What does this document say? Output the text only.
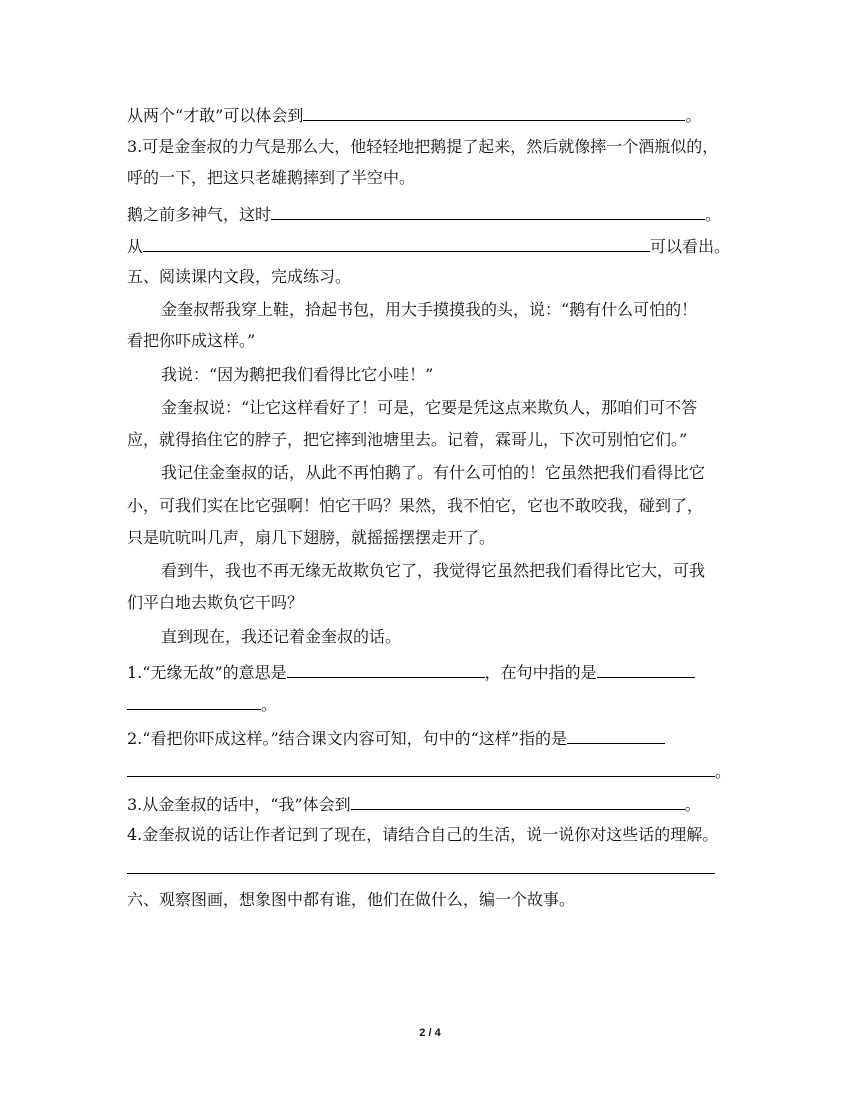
从两个“才敢”可以体会到	。
3.可是金奎叔的力气是那么大，他轻轻地把鹅提了起来，然后就像摔一个酒瓶似的，
呼的一下，把这只老雄鹅摔到了半空中。
鹅之前多神气，这时	。
从	可以看出。
五、阅读课内文段，完成练习。
金奎叔帮我穿上鞋，拾起书包，用大手摸摸我的头，说：“鹅有什么可怕的！
看把你吓成这样。”
我说：“因为鹅把我们看得比它小哇！”
金奎叔说：“让它这样看好了！可是，它要是凭这点来欺负人，那咱们可不答
应，就得掐住它的脖子，把它摔到池塘里去。记着，霖哥儿，下次可别怕它们。”
我记住金奎叔的话，从此不再怕鹅了。有什么可怕的！它虽然把我们看得比它
小，可我们实在比它强啊！怕它干吗？果然，我不怕它，它也不敢咬我，碰到了，
只是吭吭叫几声，扇几下翅膀，就摇摇摆摆走开了。
看到牛，我也不再无缘无故欺负它了，我觉得它虽然把我们看得比它大，可我
们平白地去欺负它干吗？
直到现在，我还记着金奎叔的话。
1.“无缘无故”的意思是	，在句中指的是
。
2.“看把你吓成这样。”结合课文内容可知，句中的“这样”指的是
。
3.从金奎叔的话中，“我”体会到	。
4.金奎叔说的话让作者记到了现在，请结合自己的生活，说一说你对这些话的理解。
六、观察图画，想象图中都有谁，他们在做什么，编一个故事。
2 / 4
